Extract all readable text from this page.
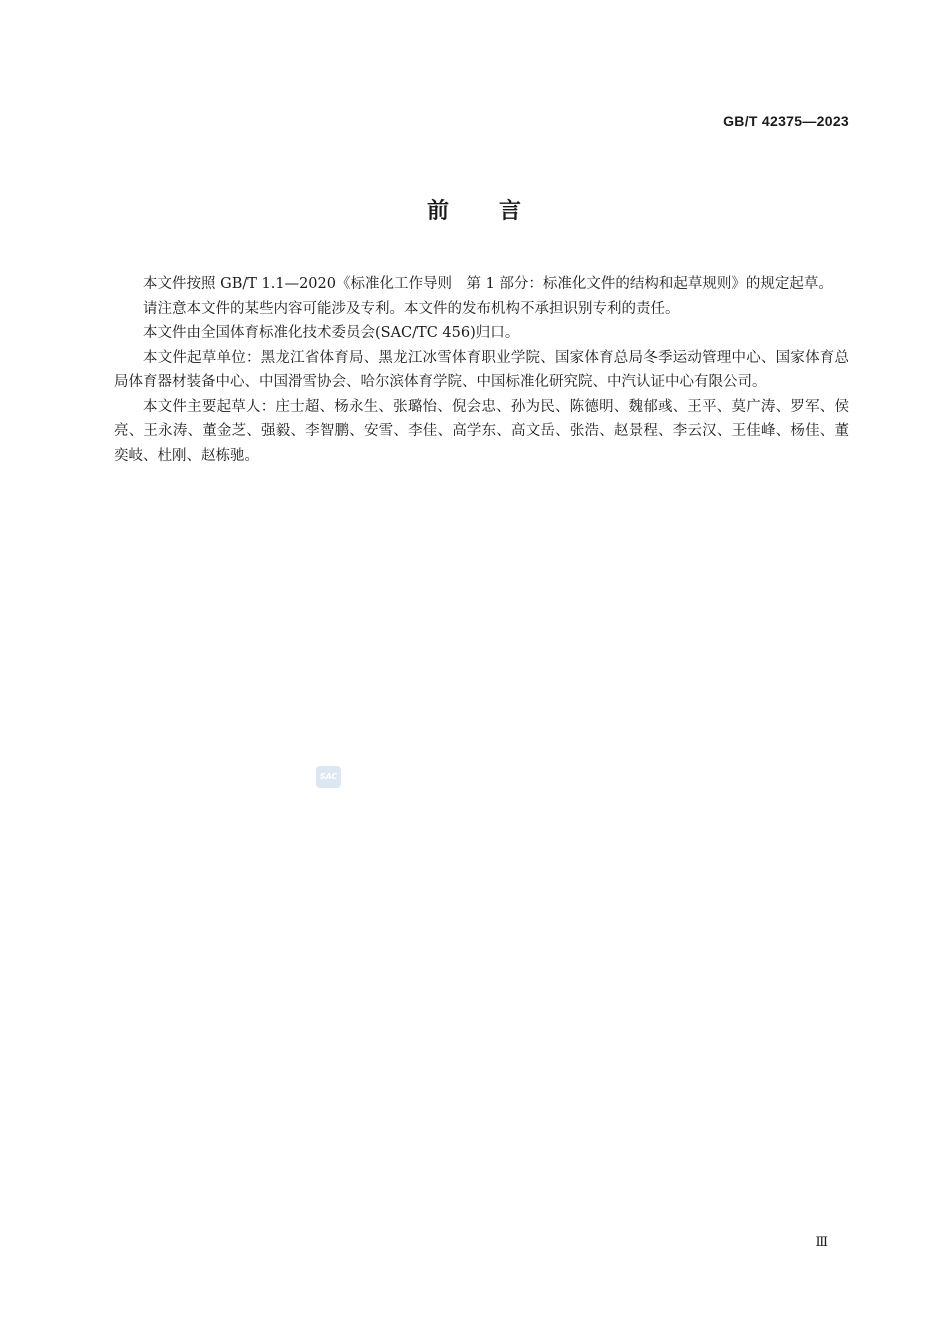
GB/T 42375—2023
前 言

本文件按照 GB/T 1.1—2020《标准化工作导则　第 1 部分：标准化文件的结构和起草规则》的规定起草。

请注意本文件的某些内容可能涉及专利。本文件的发布机构不承担识别专利的责任。

本文件由全国体育标准化技术委员会(SAC/TC 456)归口。

本文件起草单位：黑龙江省体育局、黑龙江冰雪体育职业学院、国家体育总局冬季运动管理中心、国家体育总局体育器材装备中心、中国滑雪协会、哈尔滨体育学院、中国标准化研究院、中汽认证中心有限公司。

本文件主要起草人：庄士超、杨永生、张璐怡、倪会忠、孙为民、陈德明、魏郁彧、王平、莫广涛、罗军、侯亮、王永涛、董金芝、强毅、李智鹏、安雪、李佳、高学东、高文岳、张浩、赵景程、李云汉、王佳峰、杨佳、董奕岐、杜刚、赵栋驰。

SAC
Ⅲ
